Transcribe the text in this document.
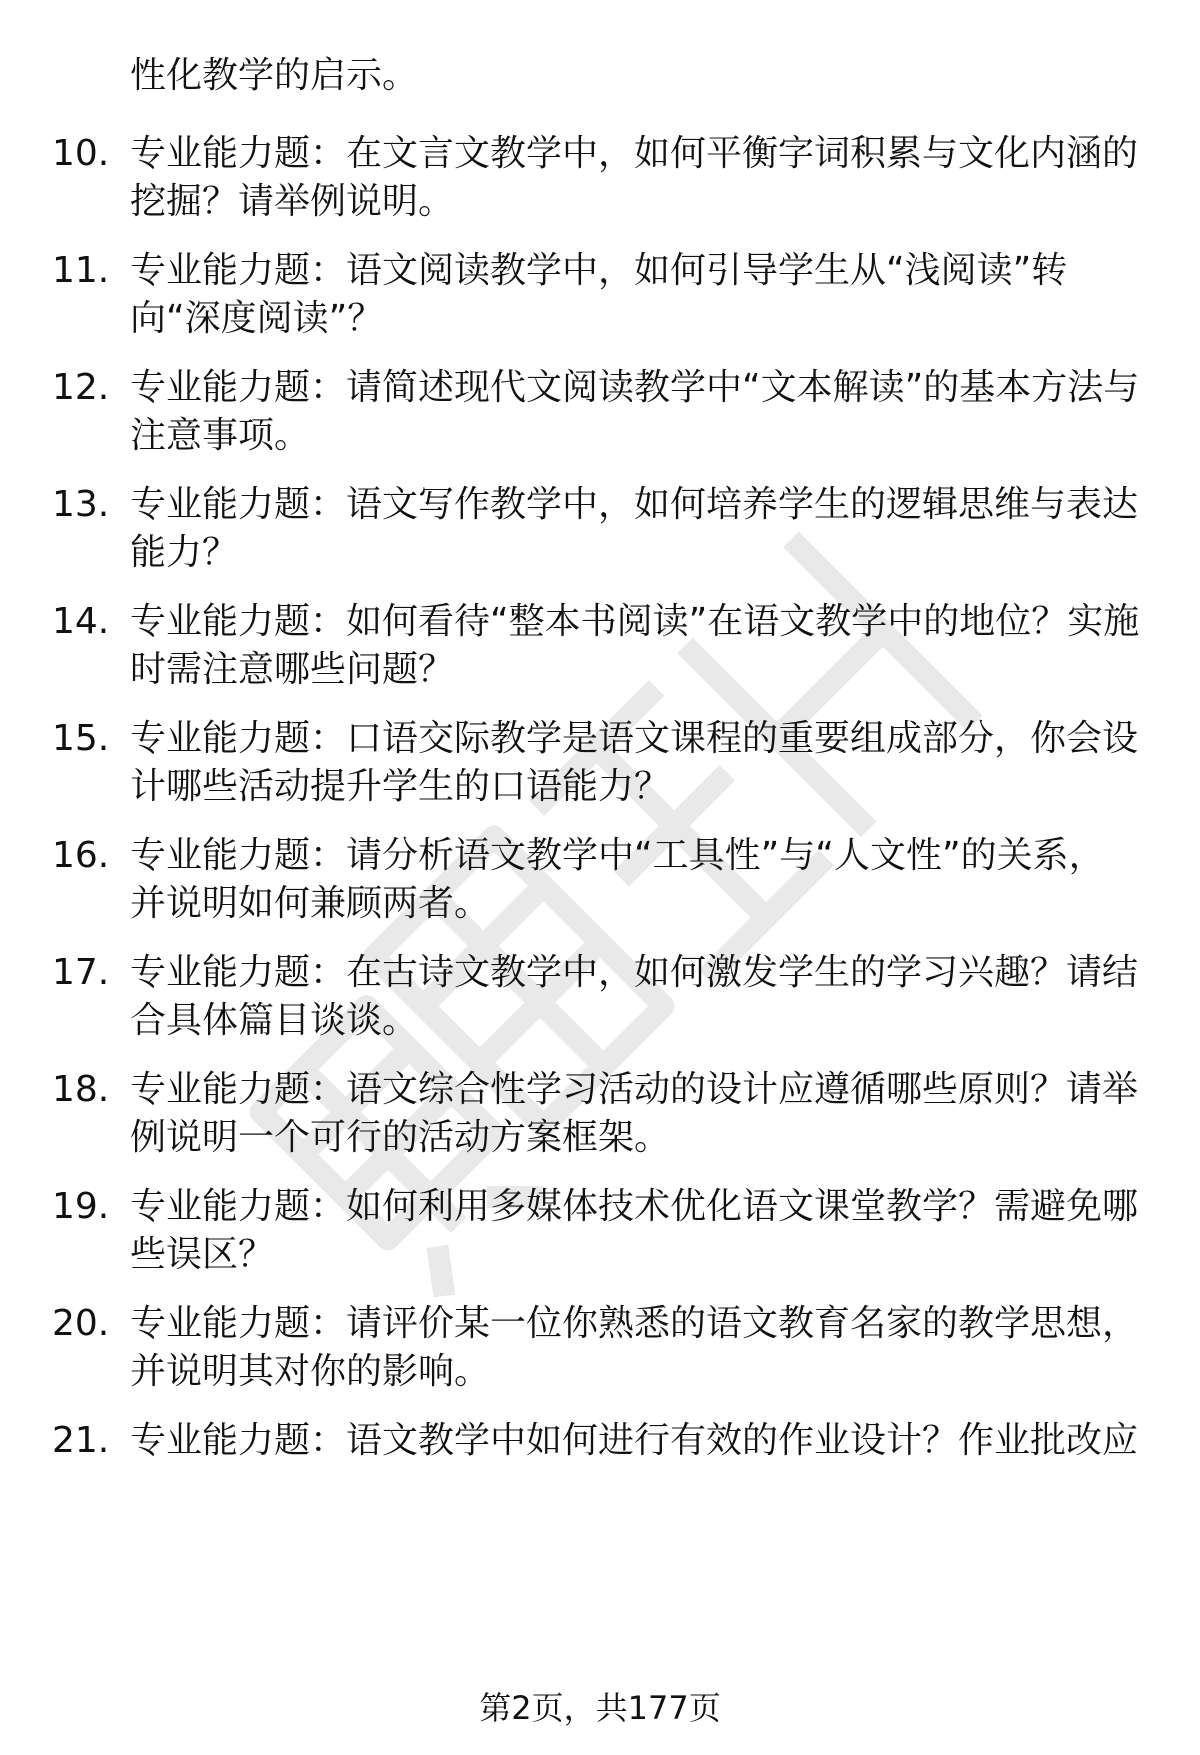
性化教学的启示。

10. 专业能力题：在文言文教学中，如何平衡字词积累与文化内涵的挖掘？请举例说明。

11. 专业能力题：语文阅读教学中，如何引导学生从“浅阅读”转向“深度阅读”？

12. 专业能力题：请简述现代文阅读教学中“文本解读”的基本方法与注意事项。

13. 专业能力题：语文写作教学中，如何培养学生的逻辑思维与表达能力？

14. 专业能力题：如何看待“整本书阅读”在语文教学中的地位？实施时需注意哪些问题？

15. 专业能力题：口语交际教学是语文课程的重要组成部分，你会设计哪些活动提升学生的口语能力？

16. 专业能力题：请分析语文教学中“工具性”与“人文性”的关系，并说明如何兼顾两者。

17. 专业能力题：在古诗文教学中，如何激发学生的学习兴趣？请结合具体篇目谈谈。

18. 专业能力题：语文综合性学习活动的设计应遵循哪些原则？请举例说明一个可行的活动方案框架。

19. 专业能力题：如何利用多媒体技术优化语文课堂教学？需避免哪些误区？

20. 专业能力题：请评价某一位你熟悉的语文教育名家的教学思想，并说明其对你的影响。

21. 专业能力题：语文教学中如何进行有效的作业设计？作业批改应

第2页，共177页
